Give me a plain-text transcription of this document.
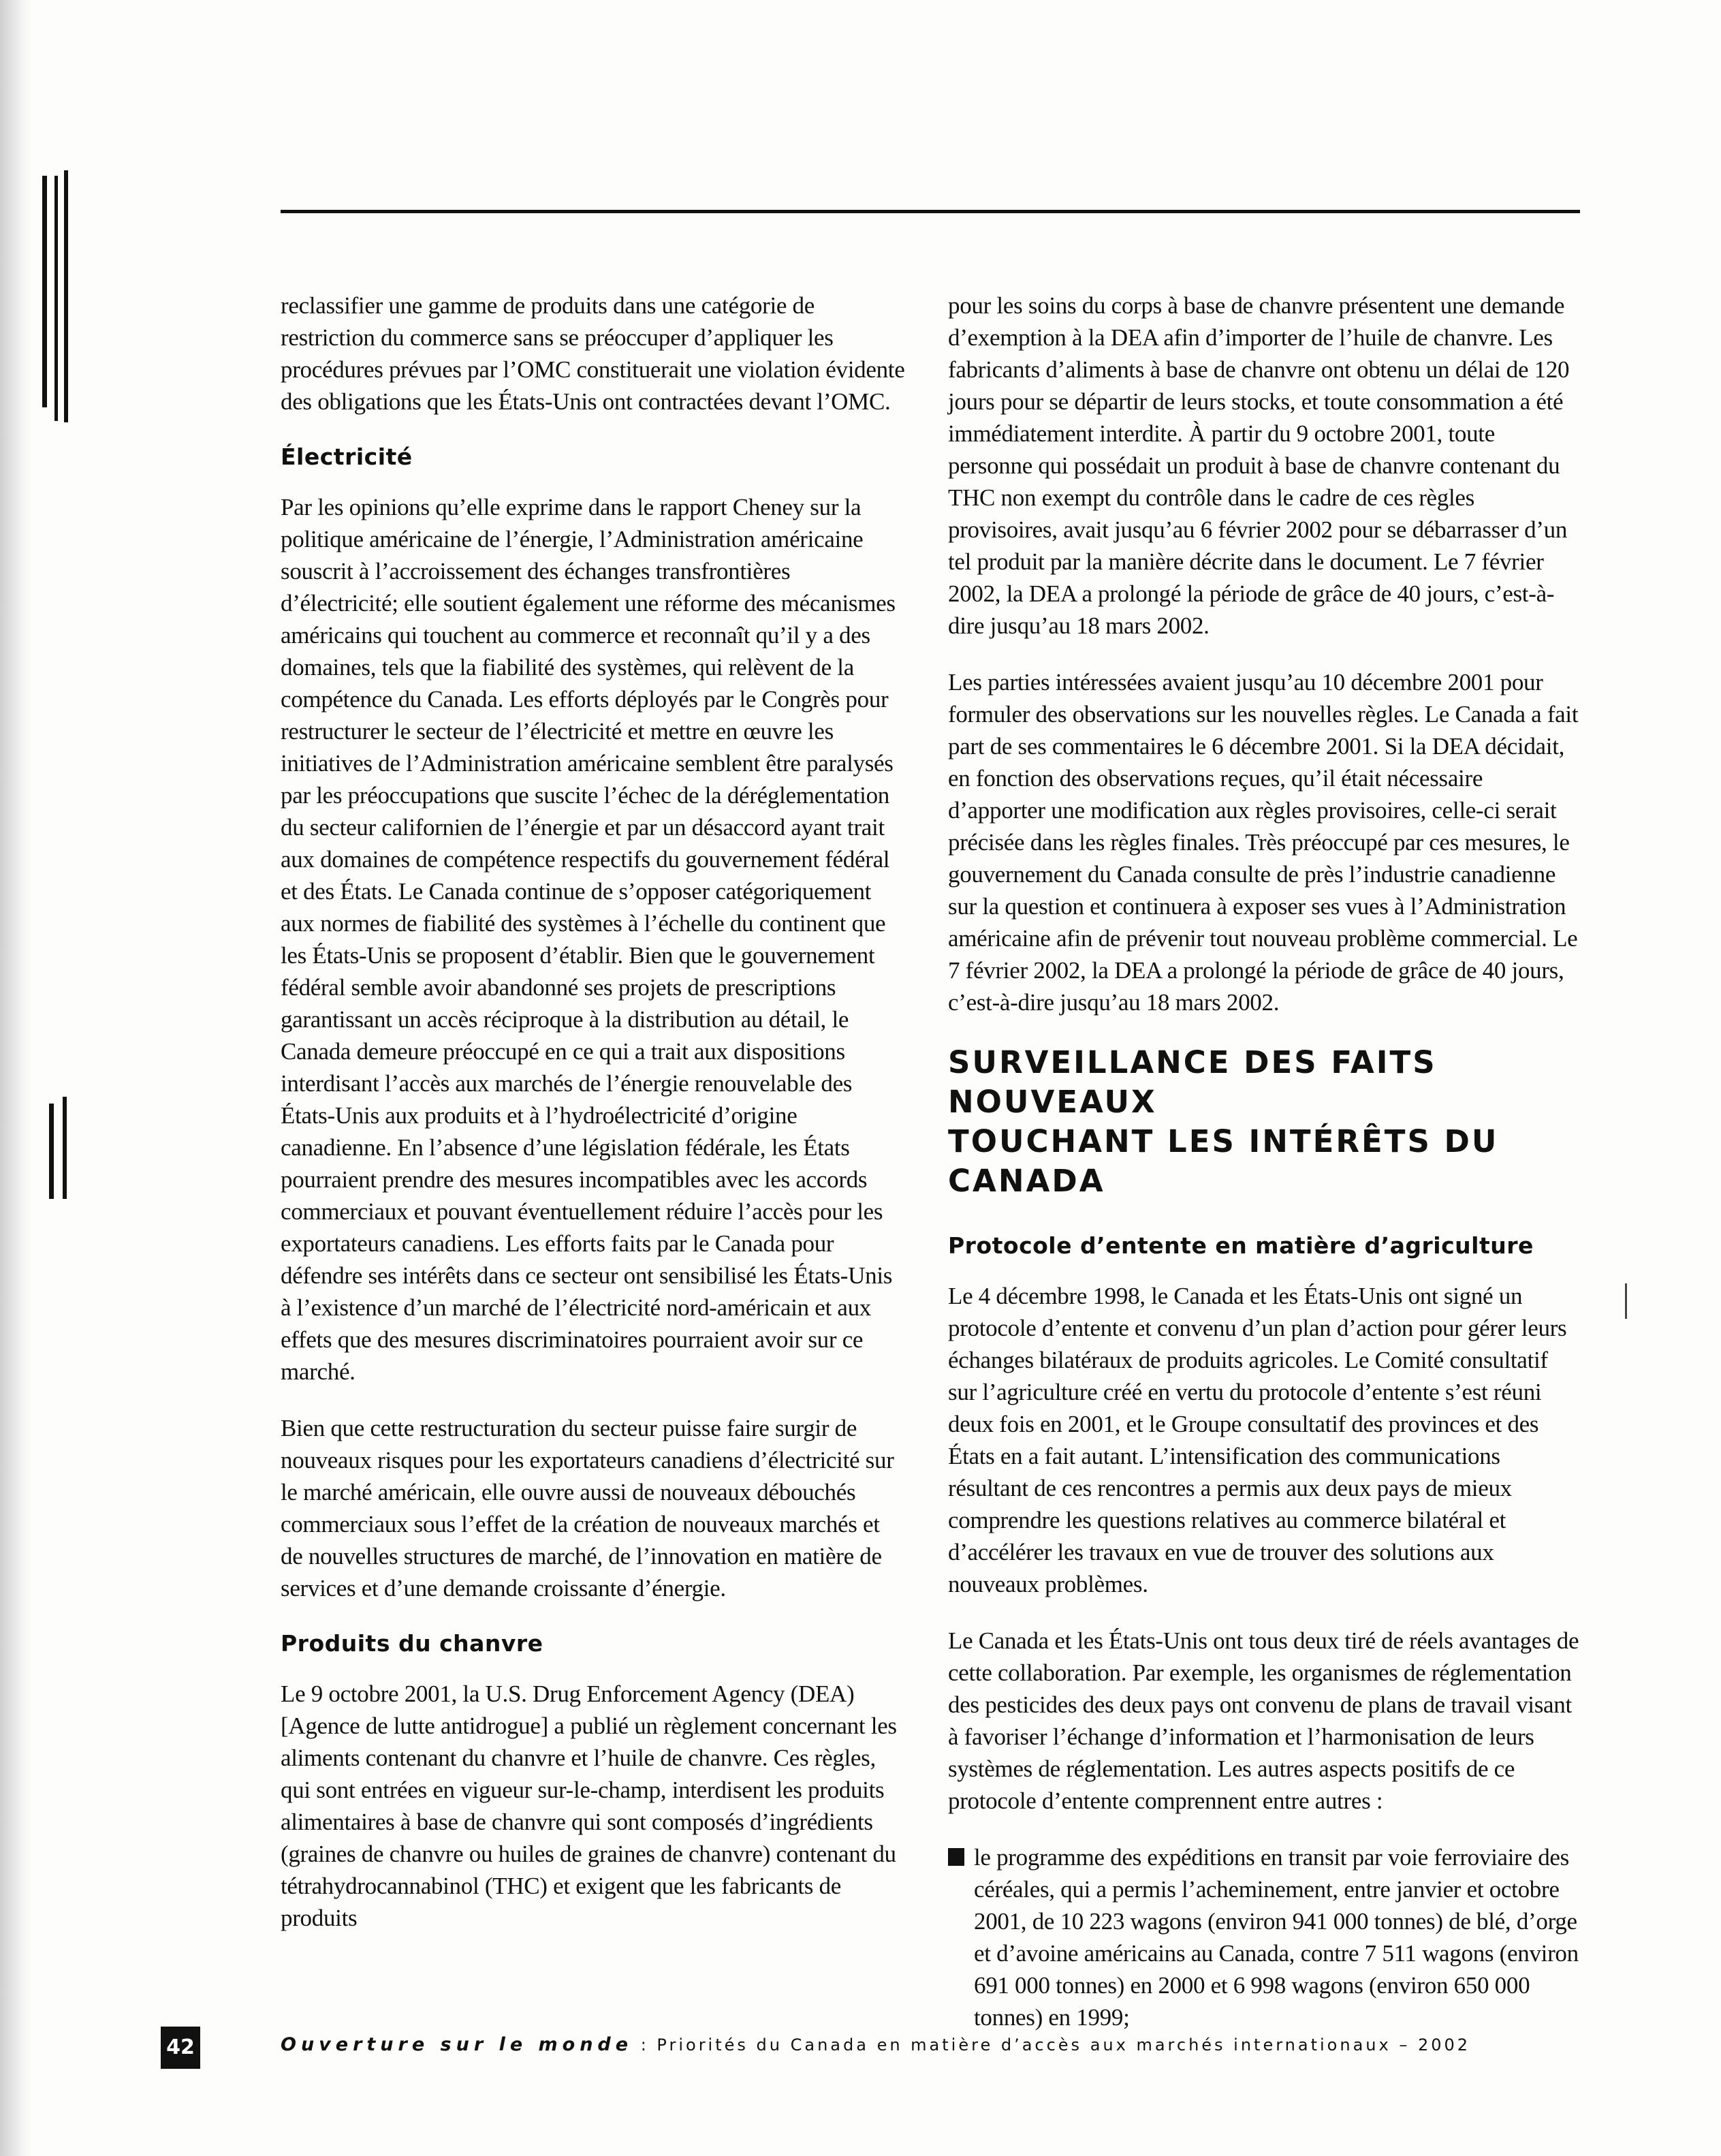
reclassifier une gamme de produits dans une catégorie de restriction du commerce sans se préoccuper d’appliquer les procédures prévues par l’OMC constituerait une violation évidente des obligations que les États-Unis ont contractées devant l’OMC.

Électricité

Par les opinions qu’elle exprime dans le rapport Cheney sur la politique américaine de l’énergie, l’Administration américaine souscrit à l’accroissement des échanges transfrontières d’électricité; elle soutient également une réforme des mécanismes américains qui touchent au commerce et reconnaît qu’il y a des domaines, tels que la fiabilité des systèmes, qui relèvent de la compétence du Canada. Les efforts déployés par le Congrès pour restructurer le secteur de l’électricité et mettre en œuvre les initiatives de l’Administration américaine semblent être paralysés par les préoccupations que suscite l’échec de la déréglementation du secteur californien de l’énergie et par un désaccord ayant trait aux domaines de compétence respectifs du gouvernement fédéral et des États. Le Canada continue de s’opposer catégoriquement aux normes de fiabilité des systèmes à l’échelle du continent que les États-Unis se proposent d’établir. Bien que le gouvernement fédéral semble avoir abandonné ses projets de prescriptions garantissant un accès réciproque à la distribution au détail, le Canada demeure préoccupé en ce qui a trait aux dispositions interdisant l’accès aux marchés de l’énergie renouvelable des États-Unis aux produits et à l’hydroélectricité d’origine canadienne. En l’absence d’une législation fédérale, les États pourraient prendre des mesures incompatibles avec les accords commerciaux et pouvant éventuellement réduire l’accès pour les exportateurs canadiens. Les efforts faits par le Canada pour défendre ses intérêts dans ce secteur ont sensibilisé les États-Unis à l’existence d’un marché de l’électricité nord-américain et aux effets que des mesures discriminatoires pourraient avoir sur ce marché.

Bien que cette restructuration du secteur puisse faire surgir de nouveaux risques pour les exportateurs canadiens d’électricité sur le marché américain, elle ouvre aussi de nouveaux débouchés commerciaux sous l’effet de la création de nouveaux marchés et de nouvelles structures de marché, de l’innovation en matière de services et d’une demande croissante d’énergie.

Produits du chanvre

Le 9 octobre 2001, la U.S. Drug Enforcement Agency (DEA) [Agence de lutte antidrogue] a publié un règlement concernant les aliments contenant du chanvre et l’huile de chanvre. Ces règles, qui sont entrées en vigueur sur-le-champ, interdisent les produits alimentaires à base de chanvre qui sont composés d’ingrédients (graines de chanvre ou huiles de graines de chanvre) contenant du tétrahydrocannabinol (THC) et exigent que les fabricants de produits

pour les soins du corps à base de chanvre présentent une demande d’exemption à la DEA afin d’importer de l’huile de chanvre. Les fabricants d’aliments à base de chanvre ont obtenu un délai de 120 jours pour se départir de leurs stocks, et toute consommation a été immédiatement interdite. À partir du 9 octobre 2001, toute personne qui possédait un produit à base de chanvre contenant du THC non exempt du contrôle dans le cadre de ces règles provisoires, avait jusqu’au 6 février 2002 pour se débarrasser d’un tel produit par la manière décrite dans le document. Le 7 février 2002, la DEA a prolongé la période de grâce de 40 jours, c’est-à-dire jusqu’au 18 mars 2002.

Les parties intéressées avaient jusqu’au 10 décembre 2001 pour formuler des observations sur les nouvelles règles. Le Canada a fait part de ses commentaires le 6 décembre 2001. Si la DEA décidait, en fonction des observations reçues, qu’il était nécessaire d’apporter une modification aux règles provisoires, celle-ci serait précisée dans les règles finales. Très préoccupé par ces mesures, le gouvernement du Canada consulte de près l’industrie canadienne sur la question et continuera à exposer ses vues à l’Administration américaine afin de prévenir tout nouveau problème commercial. Le 7 février 2002, la DEA a prolongé la période de grâce de 40 jours, c’est-à-dire jusqu’au 18 mars 2002.

SURVEILLANCE DES FAITS NOUVEAUX
TOUCHANT LES INTÉRÊTS DU CANADA
Protocole d’entente en matière d’agriculture

Le 4 décembre 1998, le Canada et les États-Unis ont signé un protocole d’entente et convenu d’un plan d’action pour gérer leurs échanges bilatéraux de produits agricoles. Le Comité consultatif sur l’agriculture créé en vertu du protocole d’entente s’est réuni deux fois en 2001, et le Groupe consultatif des provinces et des États en a fait autant. L’intensification des communications résultant de ces rencontres a permis aux deux pays de mieux comprendre les questions relatives au commerce bilatéral et d’accélérer les travaux en vue de trouver des solutions aux nouveaux problèmes.

Le Canada et les États-Unis ont tous deux tiré de réels avantages de cette collaboration. Par exemple, les organismes de réglementation des pesticides des deux pays ont convenu de plans de travail visant à favoriser l’échange d’information et l’harmonisation de leurs systèmes de réglementation. Les autres aspects positifs de ce protocole d’entente comprennent entre autres :

le programme des expéditions en transit par voie ferroviaire des céréales, qui a permis l’acheminement, entre janvier et octobre 2001, de 10 223 wagons (environ 941 000 tonnes) de blé, d’orge et d’avoine américains au Canada, contre 7 511 wagons (environ 691 000 tonnes) en 2000 et 6 998 wagons (environ 650 000 tonnes) en 1999;

42	Ouverture sur le monde : Priorités du Canada en matière d’accès aux marchés internationaux – 2002
